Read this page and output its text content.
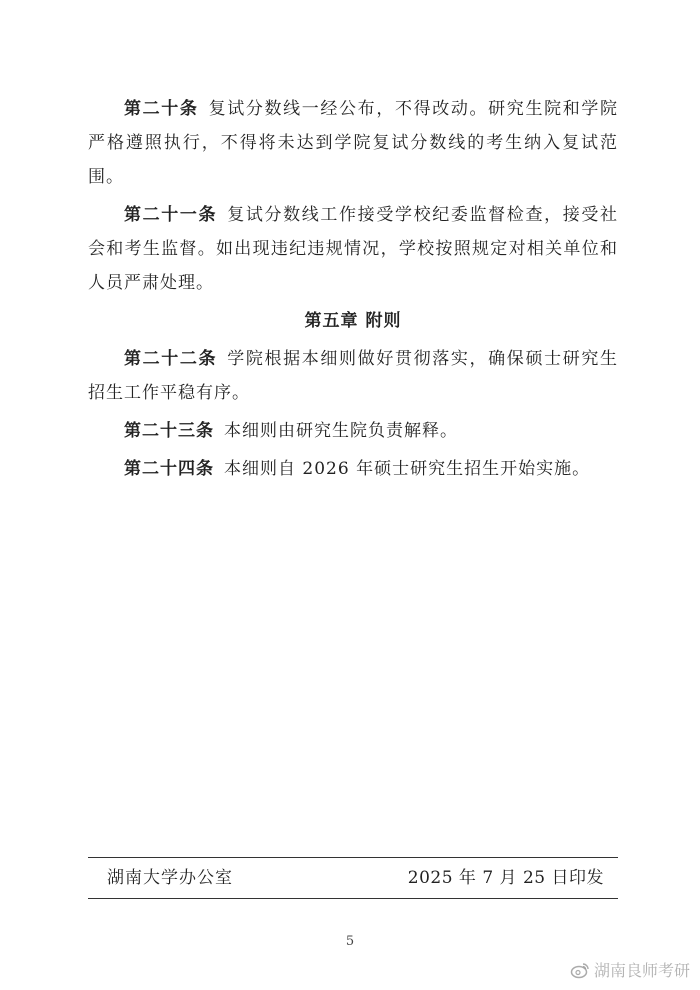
第二十条 复试分数线一经公布，不得改动。研究生院和学院严格遵照执行，不得将未达到学院复试分数线的考生纳入复试范围。

第二十一条 复试分数线工作接受学校纪委监督检查，接受社会和考生监督。如出现违纪违规情况，学校按照规定对相关单位和人员严肃处理。

第五章 附则

第二十二条 学院根据本细则做好贯彻落实，确保硕士研究生招生工作平稳有序。

第二十三条 本细则由研究生院负责解释。

第二十四条 本细则自 2026 年硕士研究生招生开始实施。

湖南大学办公室	2025 年 7 月 25 日印发
5
湖南良师考研
